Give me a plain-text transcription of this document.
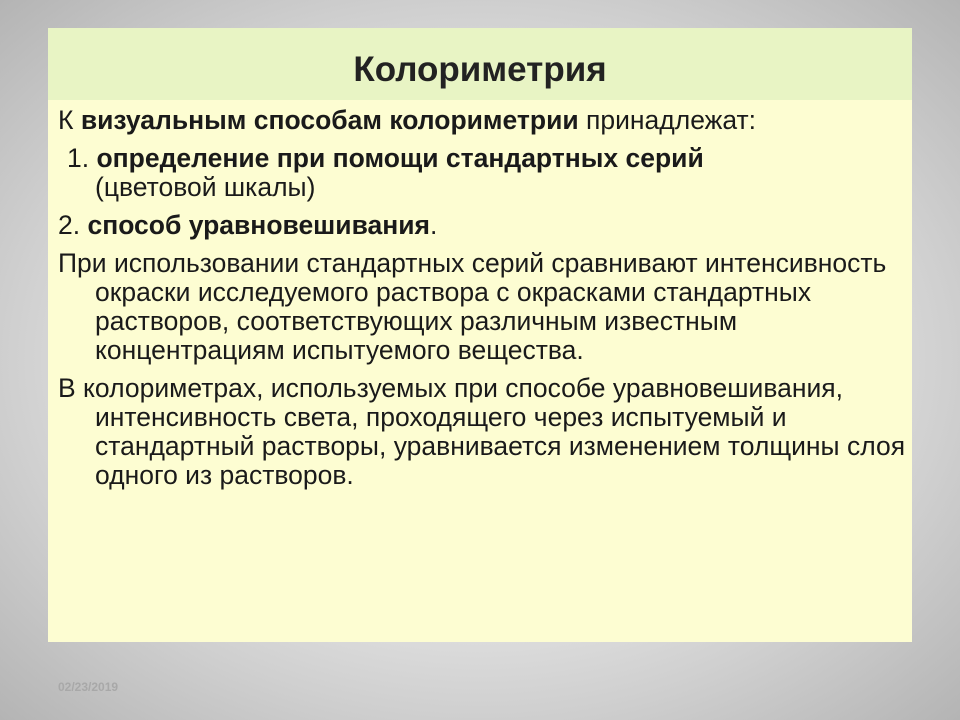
Колориметрия

К визуальным способам колориметрии принадлежат:

1. определение при помощи стандартных серий
(цветовой шкалы)

2. способ уравновешивания.

При использовании стандартных серий сравнивают интенсивность окраски исследуемого раствора с окрасками стандартных растворов, соответствующих различным известным концентрациям испытуемого вещества.

В колориметрах, используемых при способе уравновешивания, интенсивность света, проходящего через испытуемый и стандартный растворы, уравнивается изменением толщины слоя одного из растворов.

02/23/2019
